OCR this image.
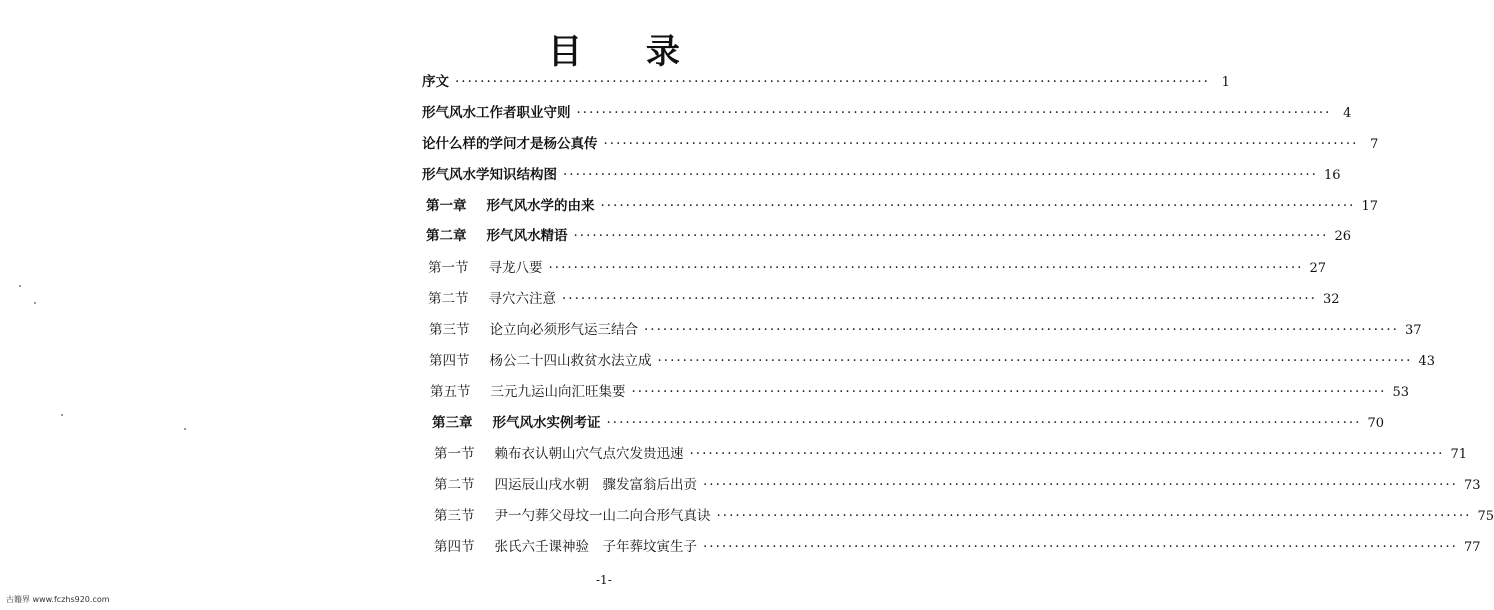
目 录
序文 ························································································································ 1
形气风水工作者职业守则 ························································································································ 4
论什么样的学问才是杨公真传 ························································································································ 7
形气风水学知识结构图 ························································································································ 16
第一章 形气风水学的由来 ························································································································ 17
第二章 形气风水精语 ························································································································ 26
第一节 寻龙八要 ························································································································ 27
第二节 寻穴六注意 ························································································································ 32
第三节 论立向必须形气运三结合 ························································································································ 37
第四节 杨公二十四山救贫水法立成 ························································································································ 43
第五节 三元九运山向汇旺集要 ························································································································ 53
第三章 形气风水实例考证 ························································································································ 70
第一节 赖布衣认朝山穴气点穴发贵迅速 ························································································································ 71
第二节 四运辰山戌水朝　骤发富翁后出贡 ························································································································ 73
第三节 尹一勺葬父母坟一山二向合形气真诀 ························································································································ 75
第四节 张氏六壬课神验　子年葬坟寅生子 ························································································································ 77
-1-
古籍界 www.fczhs920.com
